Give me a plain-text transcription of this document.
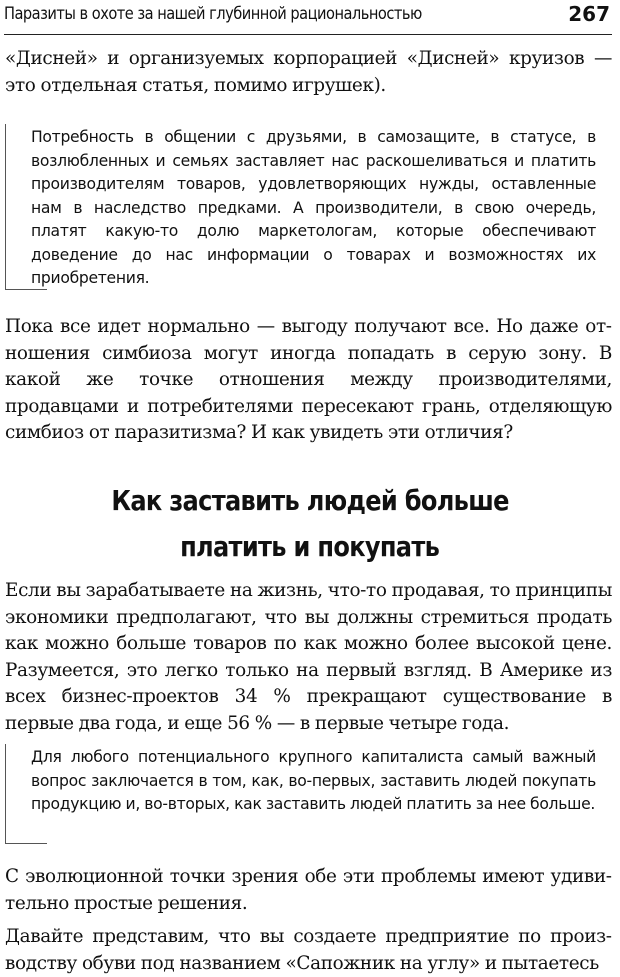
Паразиты в охоте за нашей глубинной рациональностью	267

«Дисней» и организуемых корпорацией «Дисней» круизов — это отдельная статья, помимо игрушек).

Потребность в общении с друзьями, в самозащите, в статусе, в возлюбленных и семьях заставляет нас раскошеливаться и платить производителям товаров, удовлетворяющих нужды, оставленные нам в наследство предками. А производители, в свою очередь, платят какую-то долю маркетологам, которые обеспечивают доведение до нас информации о товарах и возможностях их приобретения.

Пока все идет нормально — выгоду получают все. Но даже отношения симбиоза могут иногда попадать в серую зону. В какой же точке отношения между производителями, продавцами и потребителями пересекают грань, отделяющую симбиоз от паразитизма? И как увидеть эти отличия?

Как заставить людей больше
платить и покупать

Если вы зарабатываете на жизнь, что-то продавая, то принципы экономики предполагают, что вы должны стремиться продать как можно больше товаров по как можно более высокой цене. Разумеется, это легко только на первый взгляд. В Америке из всех бизнес-проектов 34 % прекращают существование в первые два года, и еще 56 % — в первые четыре года.

Для любого потенциального крупного капиталиста самый важный вопрос заключается в том, как, во-первых, заставить людей покупать продукцию и, во-вторых, как заставить людей платить за нее больше.

С эволюционной точки зрения обе эти проблемы имеют удивительно простые решения.

Давайте представим, что вы создаете предприятие по производству обуви под названием «Сапожник на углу» и пытаетесь
